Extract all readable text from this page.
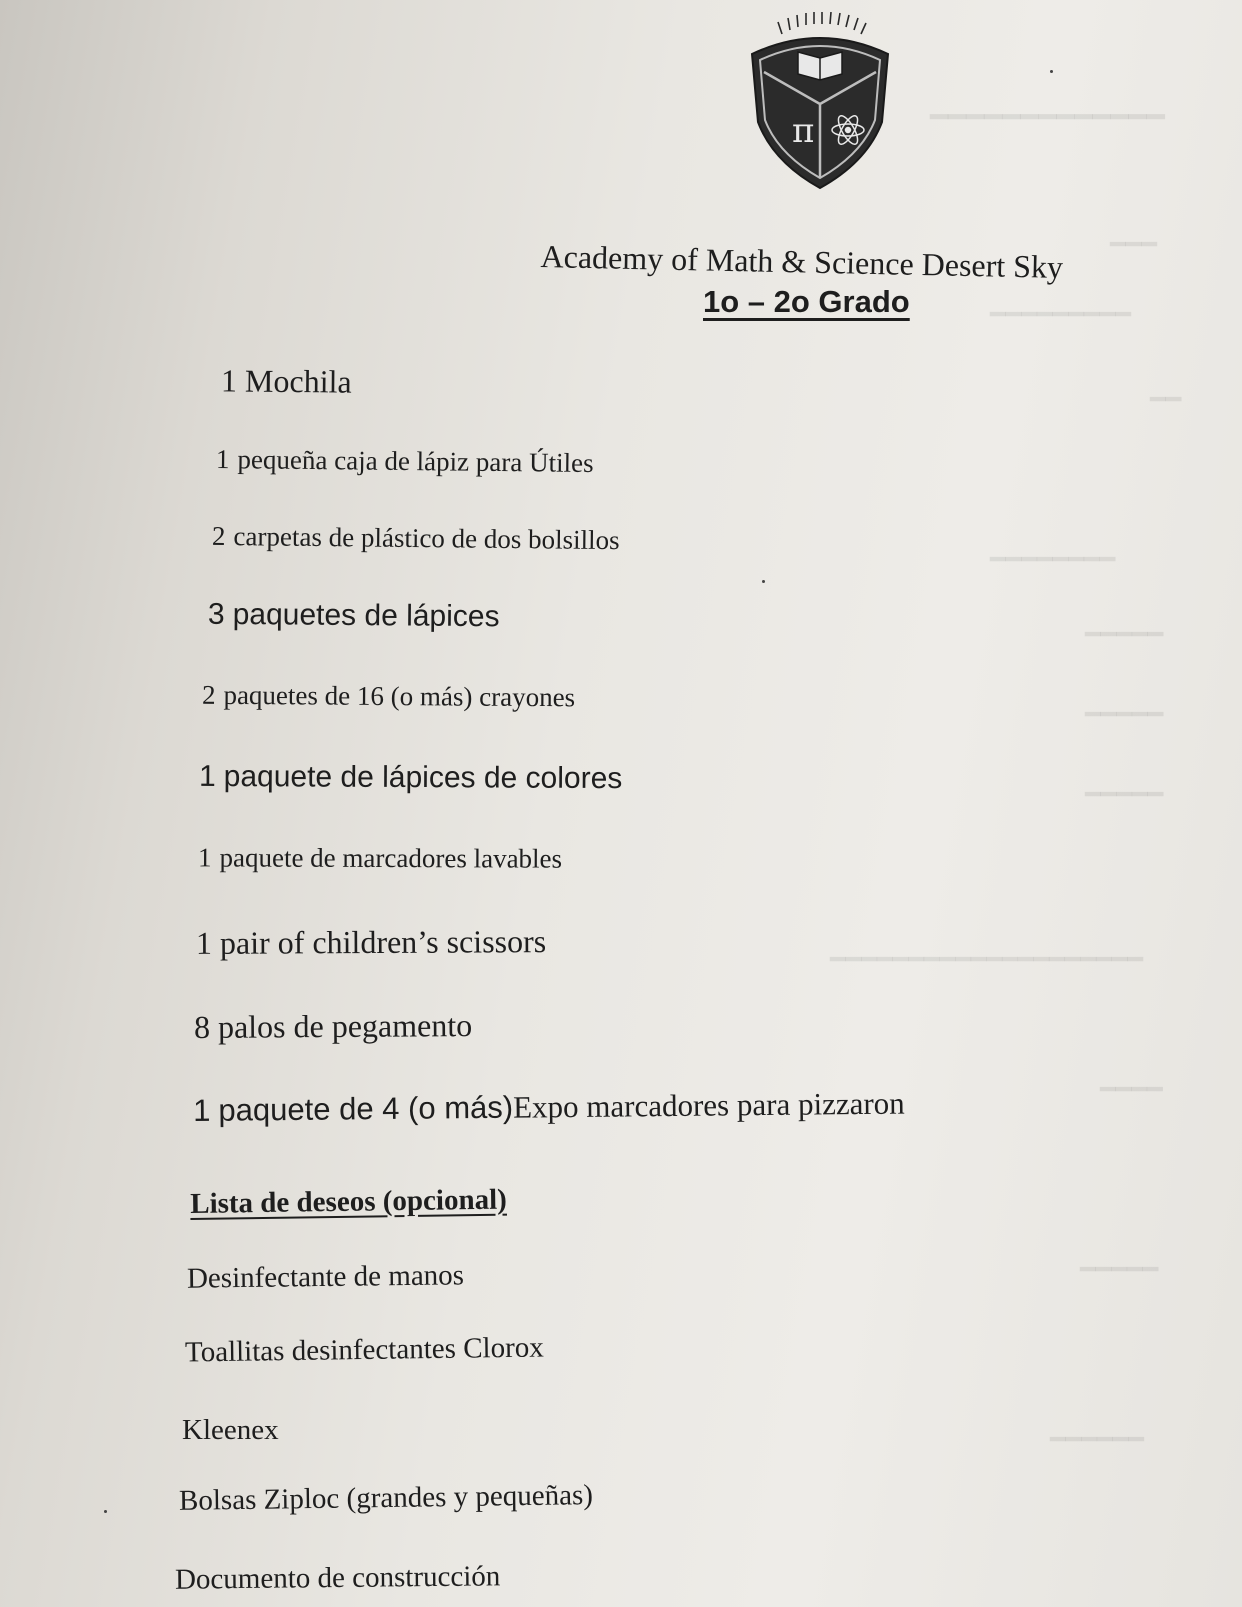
━━━━━━━━━━━━━
━━━━━━━━━
━━━
━━
━━━━━━━━
━━━━━
━━━━━
━━━━━
━━━━━━━━━━━━━━━━━━━━
━━━━
━━━━━
━━━━━━
π
Academy of Math & Science Desert Sky
1o – 2o Grado
1 Mochila
1 pequeña caja de lápiz para Útiles
2 carpetas de plástico de dos bolsillos
3 paquetes de lápices
2 paquetes de 16 (o más) crayones
1 paquete de lápices de colores
1 paquete de marcadores lavables
1 pair of children’s scissors
8 palos de pegamento
1 paquete de 4 (o más)Expo marcadores para pizzaron
Lista de deseos (opcional)
Desinfectante de manos
Toallitas desinfectantes Clorox
Kleenex
Bolsas Ziploc (grandes y pequeñas)
Documento de construcción
